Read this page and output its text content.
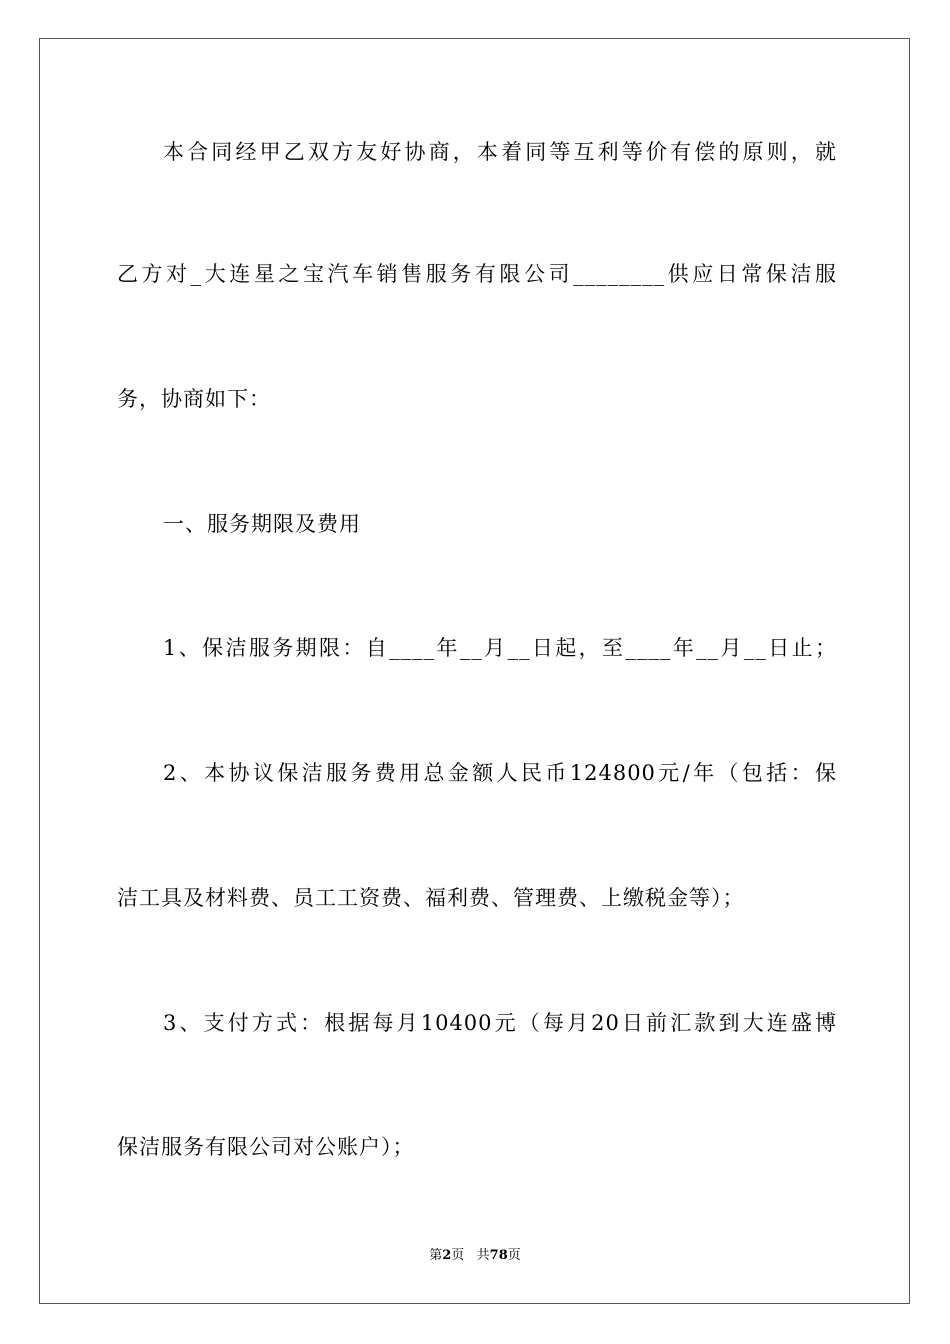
本合同经甲乙双方友好协商，本着同等互利等价有偿的原则，就
乙方对_大连星之宝汽车销售服务有限公司________供应日常保洁服
务，协商如下：
一、服务期限及费用
1、保洁服务期限：自____年__月__日起，至____年__月__日止；
2、本协议保洁服务费用总金额人民币124800元/年（包括：保
洁工具及材料费、员工工资费、福利费、管理费、上缴税金等）；
3、支付方式：根据每月10400元（每月20日前汇款到大连盛博
保洁服务有限公司对公账户）；
第2页   共78页
